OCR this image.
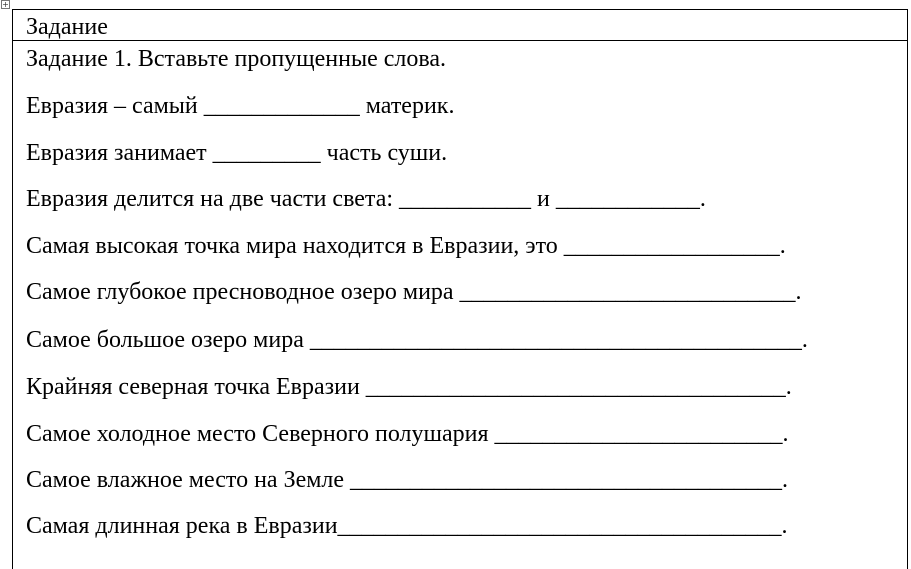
+
Задание
Задание 1. Вставьте пропущенные слова.
Евразия – самый _____________ материк.
Евразия занимает _________ часть суши.
Евразия делится на две части света: ___________ и ____________.
Самая высокая точка мира находится в Евразии, это __________________.
Самое глубокое пресноводное озеро мира ____________________________.
Самое большое озеро мира _________________________________________.
Крайняя северная точка Евразии ___________________________________.
Самое холодное место Северного полушария ________________________.
Самое влажное место на Земле ____________________________________.
Самая длинная река в Евразии_____________________________________.
